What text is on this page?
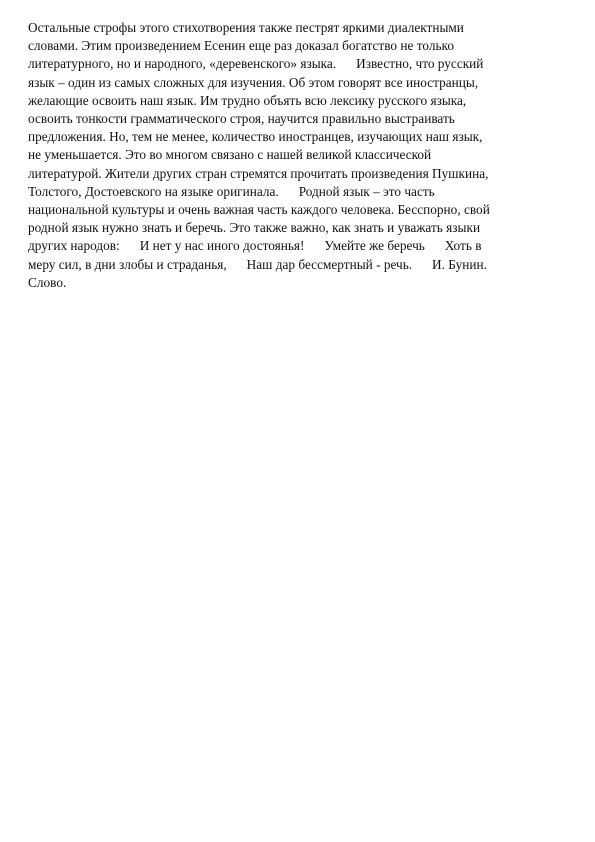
Остальные строфы этого стихотворения также пестрят яркими диалектными
словами. Этим произведением Есенин еще раз доказал богатство не только
литературного, но и народного, «деревенского» языка.      Известно, что русский
язык – один из самых сложных для изучения. Об этом говорят все иностранцы,
желающие освоить наш язык. Им трудно объять всю лексику русского языка,
освоить тонкости грамматического строя, научится правильно выстраивать
предложения. Но, тем не менее, количество иностранцев, изучающих наш язык,
не уменьшается. Это во многом связано с нашей великой классической
литературой. Жители других стран стремятся прочитать произведения Пушкина,
Толстого, Достоевского на языке оригинала.      Родной язык – это часть
национальной культуры и очень важная часть каждого человека. Бесспорно, свой
родной язык нужно знать и беречь. Это также важно, как знать и уважать языки
других народов:      И нет у нас иного достоянья!      Умейте же беречь      Хоть в
меру сил, в дни злобы и страданья,      Наш дар бессмертный - речь.      И. Бунин.
Слово.
